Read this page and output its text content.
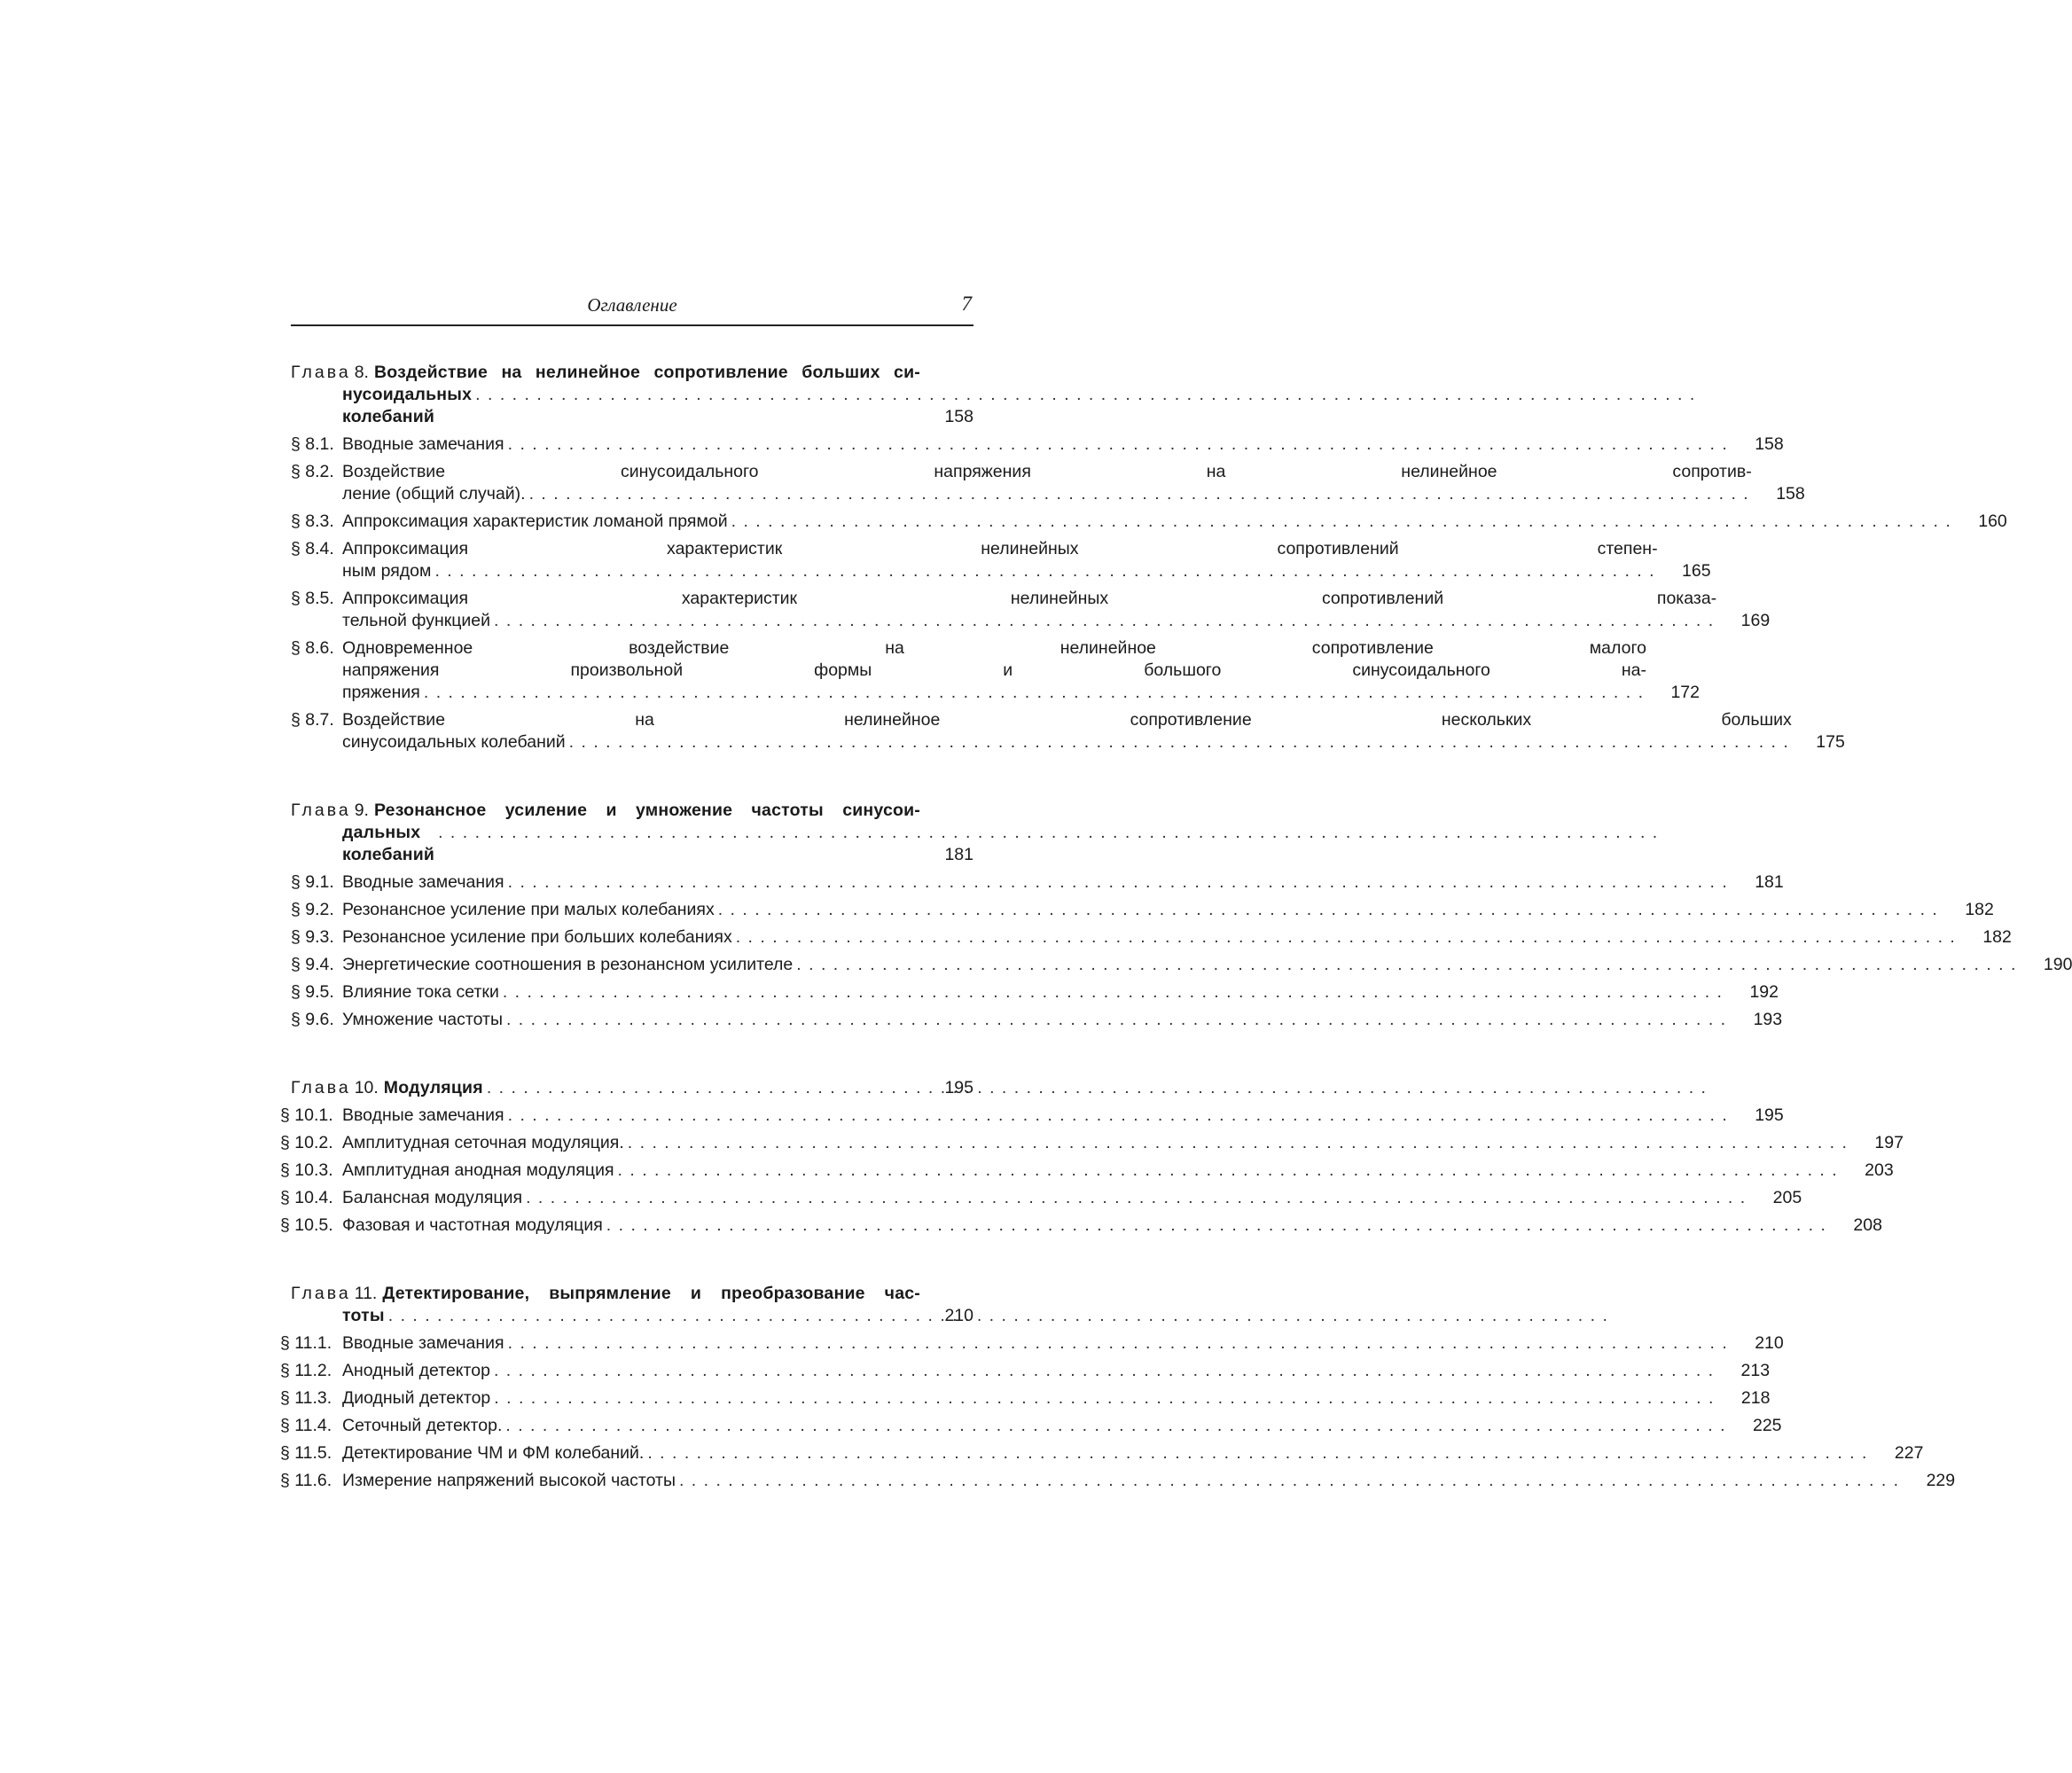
Оглавление	7
Глава 8. Воздействие на нелинейное сопротивление больших си-
нусоидальных колебаний
. . .	158
§ 8.1. Вводные замечания . . .	158
§ 8.2. Воздействие синусоидального напряжения на нелинейное сопротив-
ление (общий случай). . . .	158
§ 8.3. Аппроксимация характеристик ломаной прямой . . .	160
§ 8.4. Аппроксимация характеристик нелинейных сопротивлений степен-
ным рядом . . .	165
§ 8.5. Аппроксимация характеристик нелинейных сопротивлений показа-
тельной функцией . . .	169
§ 8.6. Одновременное воздействие на нелинейное сопротивление малого
напряжения произвольной формы и большого синусоидального на-
пряжения . . .	172
§ 8.7. Воздействие на нелинейное сопротивление нескольких больших
синусоидальных колебаний . . .	175
Глава 9. Резонансное усиление и умножение частоты синусои-
дальных колебаний
. . .	181
§ 9.1. Вводные замечания . . .	181
§ 9.2. Резонансное усиление при малых колебаниях . . .	182
§ 9.3. Резонансное усиление при больших колебаниях . . .	182
§ 9.4. Энергетические соотношения в резонансном усилителе . . .	190
§ 9.5. Влияние тока сетки . . .	192
§ 9.6. Умножение частоты . . .	193
Глава 10. Модуляция . . .	195
§ 10.1. Вводные замечания . . .	195
§ 10.2. Амплитудная сеточная модуляция. . . .	197
§ 10.3. Амплитудная анодная модуляция . . .	203
§ 10.4. Балансная модуляция . . .	205
§ 10.5. Фазовая и частотная модуляция . . .	208
Глава 11. Детектирование, выпрямление и преобразование час-
тоты . . .	210
§ 11.1. Вводные замечания . . .	210
§ 11.2. Анодный детектор . . .	213
§ 11.3. Диодный детектор . . .	218
§ 11.4. Сеточный детектор. . . .	225
§ 11.5. Детектирование ЧМ и ФМ колебаний. . . .	227
§ 11.6. Измерение напряжений высокой частоты . . .	229
